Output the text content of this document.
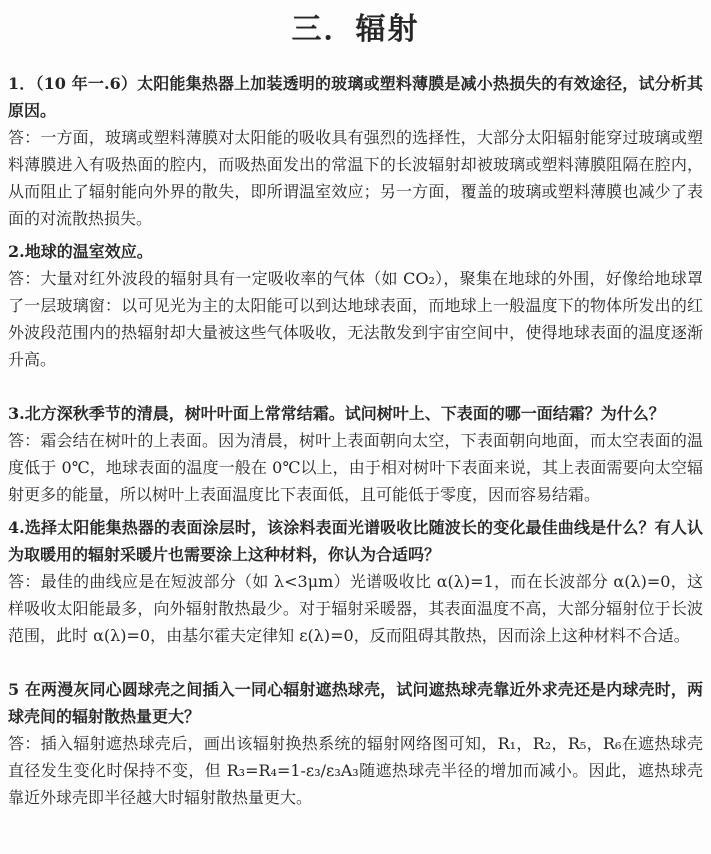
三．辐射

1．（10 年一.6）太阳能集热器上加装透明的玻璃或塑料薄膜是减小热损失的有效途径，试分析其原因。

答：一方面，玻璃或塑料薄膜对太阳能的吸收具有强烈的选择性，大部分太阳辐射能穿过玻璃或塑料薄膜进入有吸热面的腔内，而吸热面发出的常温下的长波辐射却被玻璃或塑料薄膜阻隔在腔内，从而阻止了辐射能向外界的散失，即所谓温室效应；另一方面，覆盖的玻璃或塑料薄膜也减少了表面的对流散热损失。

2.地球的温室效应。

答：大量对红外波段的辐射具有一定吸收率的气体（如 CO₂），聚集在地球的外围，好像给地球罩了一层玻璃窗：以可见光为主的太阳能可以到达地球表面，而地球上一般温度下的物体所发出的红外波段范围内的热辐射却大量被这些气体吸收，无法散发到宇宙空间中，使得地球表面的温度逐渐升高。

3.北方深秋季节的清晨，树叶叶面上常常结霜。试问树叶上、下表面的哪一面结霜？为什么？

答：霜会结在树叶的上表面。因为清晨，树叶上表面朝向太空，下表面朝向地面，而太空表面的温度低于 0℃，地球表面的温度一般在 0℃以上，由于相对树叶下表面来说，其上表面需要向太空辐射更多的能量，所以树叶上表面温度比下表面低，且可能低于零度，因而容易结霜。

4.选择太阳能集热器的表面涂层时，该涂料表面光谱吸收比随波长的变化最佳曲线是什么？有人认为取暖用的辐射采暖片也需要涂上这种材料，你认为合适吗？

答：最佳的曲线应是在短波部分（如 λ<3μm）光谱吸收比 α(λ)=1，而在长波部分 α(λ)=0，这样吸收太阳能最多，向外辐射散热最少。对于辐射采暖器，其表面温度不高，大部分辐射位于长波范围，此时 α(λ)=0，由基尔霍夫定律知 ε(λ)=0，反而阻碍其散热，因而涂上这种材料不合适。

5 在两漫灰同心圆球壳之间插入一同心辐射遮热球壳，试问遮热球壳靠近外求壳还是内球壳时，两球壳间的辐射散热量更大？

答：插入辐射遮热球壳后，画出该辐射换热系统的辐射网络图可知，R₁，R₂，R₅，R₆在遮热球壳直径发生变化时保持不变，但 R₃=R₄=1-ε₃/ε₃A₃随遮热球壳半径的增加而减小。因此，遮热球壳靠近外球壳即半径越大时辐射散热量更大。
